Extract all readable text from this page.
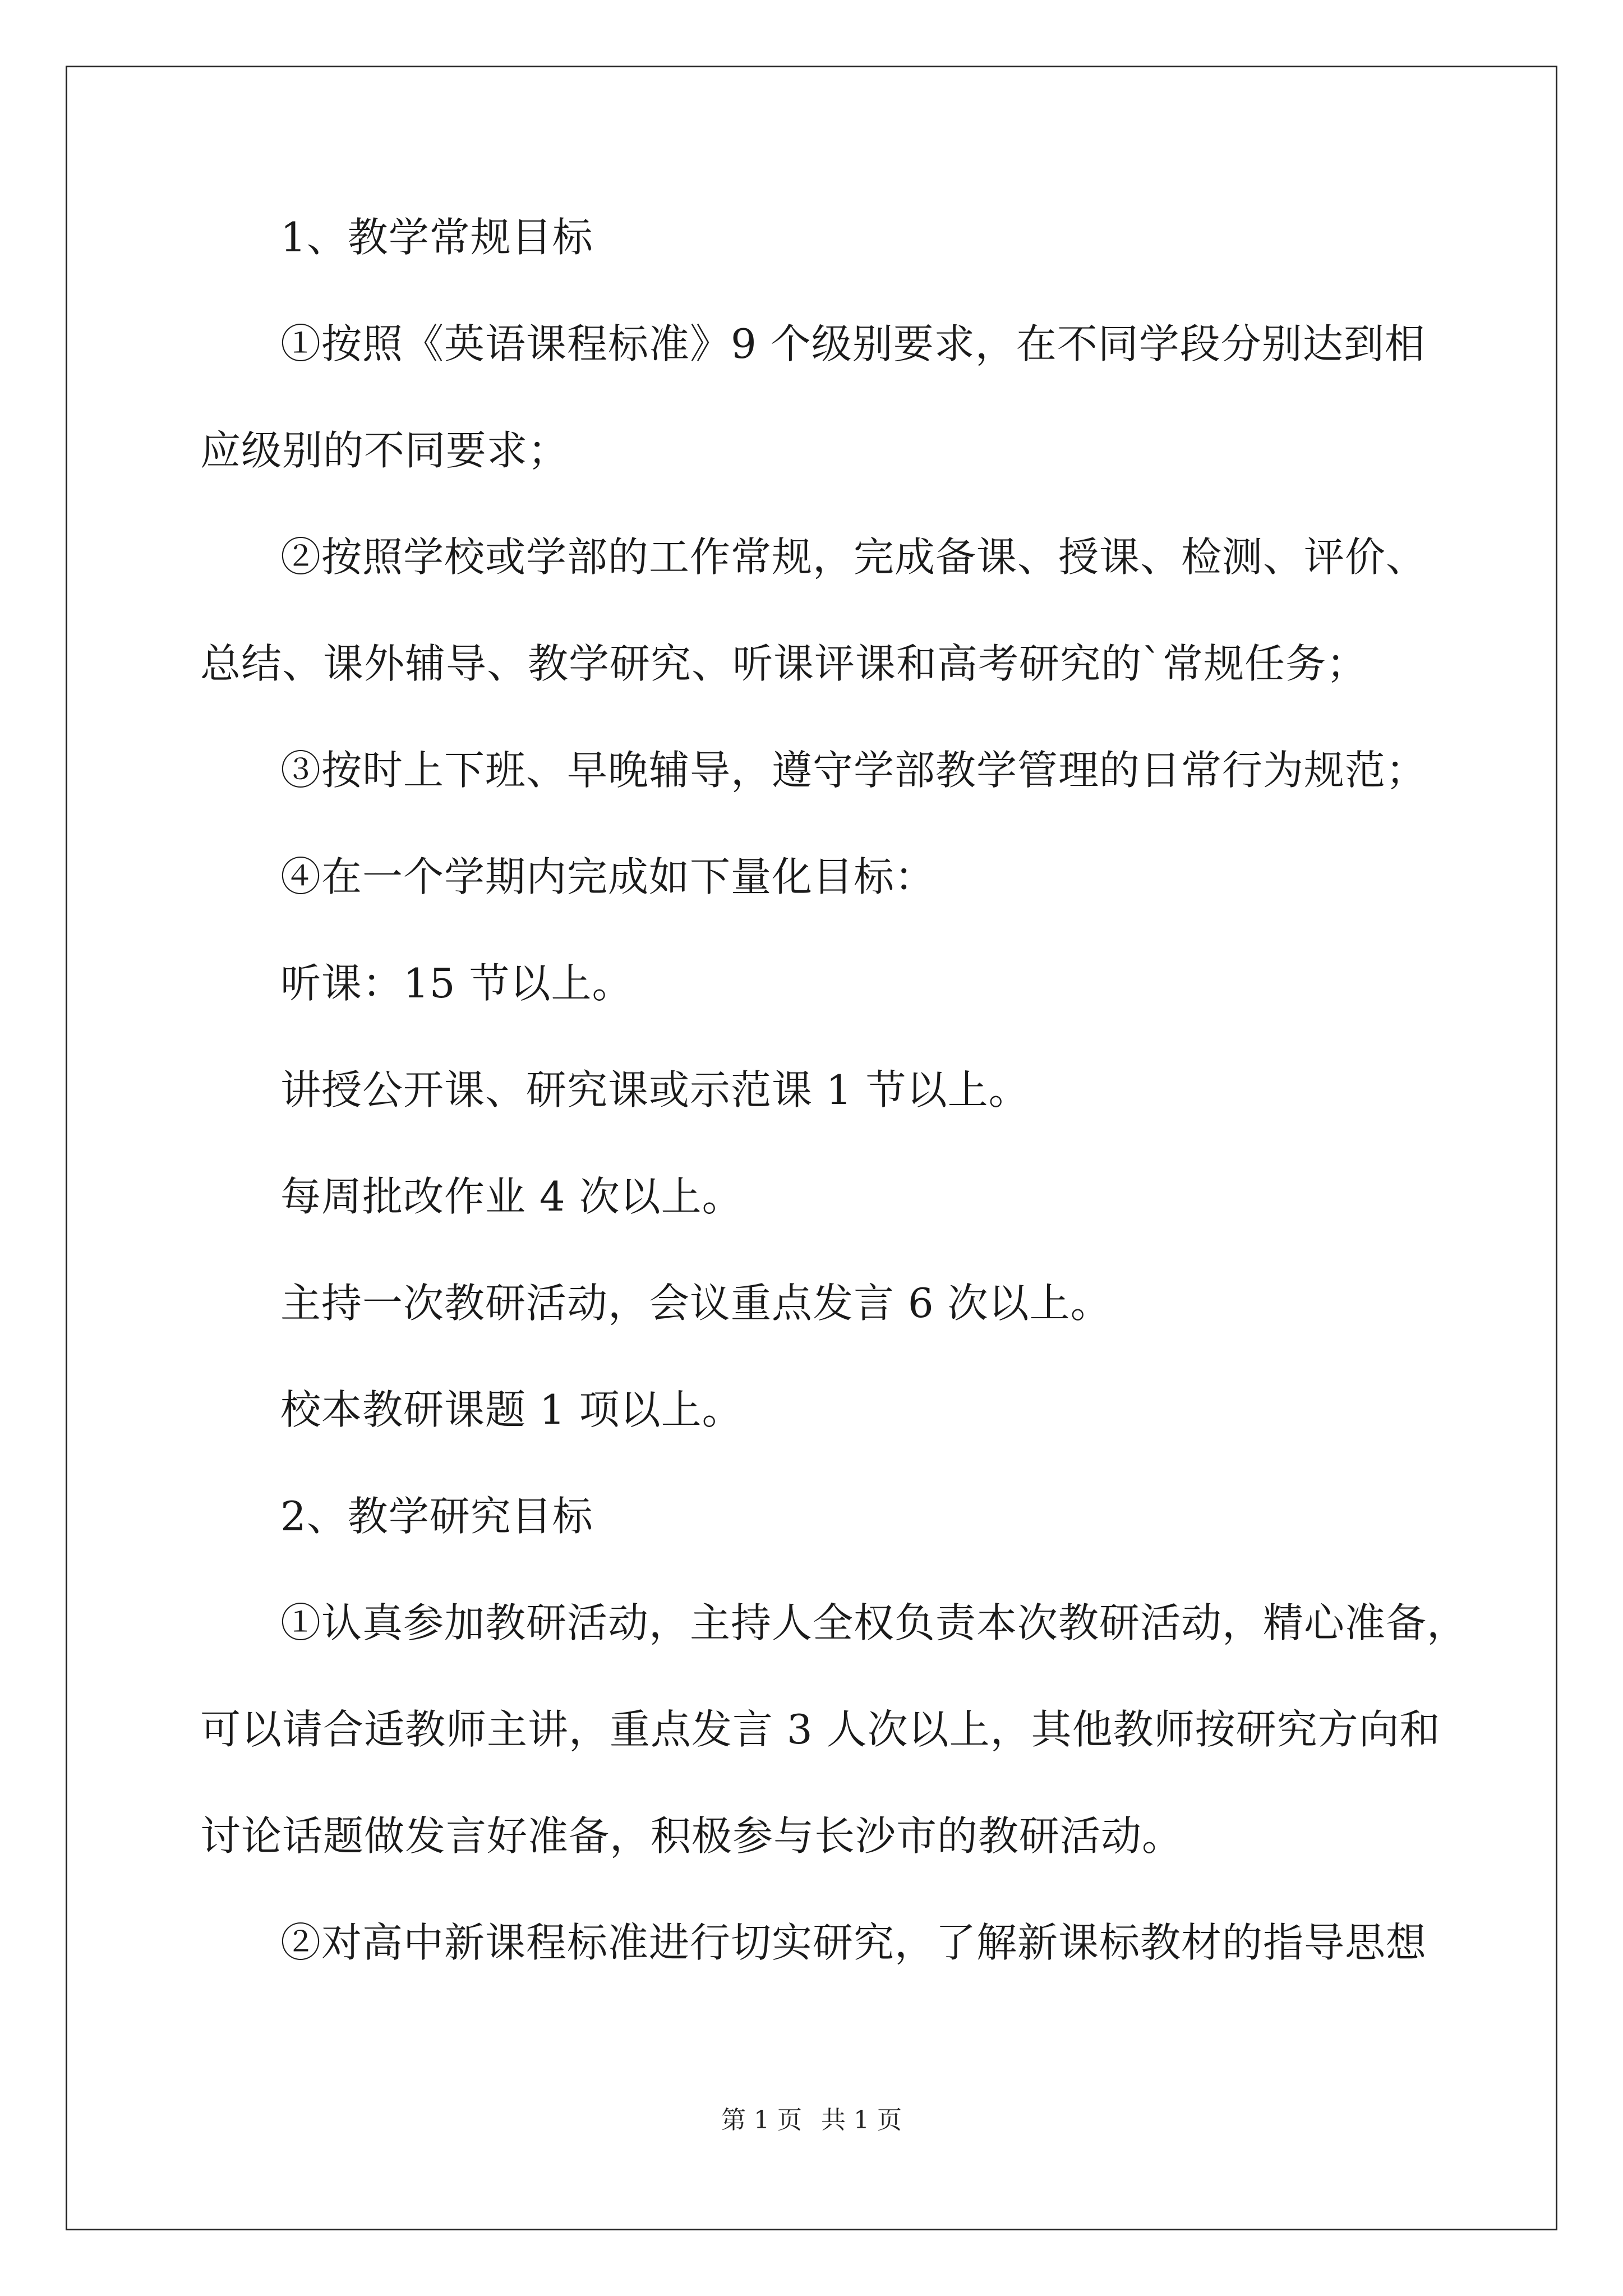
1、教学常规目标
①按照《英语课程标准》9 个级别要求，在不同学段分别达到相
应级别的不同要求；
②按照学校或学部的工作常规，完成备课、授课、检测、评价、
总结、课外辅导、教学研究、听课评课和高考研究的`常规任务；
③按时上下班、早晚辅导，遵守学部教学管理的日常行为规范；
④在一个学期内完成如下量化目标：
听课：15 节以上。
讲授公开课、研究课或示范课 1 节以上。
每周批改作业 4 次以上。
主持一次教研活动，会议重点发言 6 次以上。
校本教研课题 1 项以上。
2、教学研究目标
①认真参加教研活动，主持人全权负责本次教研活动，精心准备，
可以请合适教师主讲，重点发言 3 人次以上，其他教师按研究方向和
讨论话题做发言好准备，积极参与长沙市的教研活动。
②对高中新课程标准进行切实研究，了解新课标教材的指导思想
第 1 页 共 1 页
